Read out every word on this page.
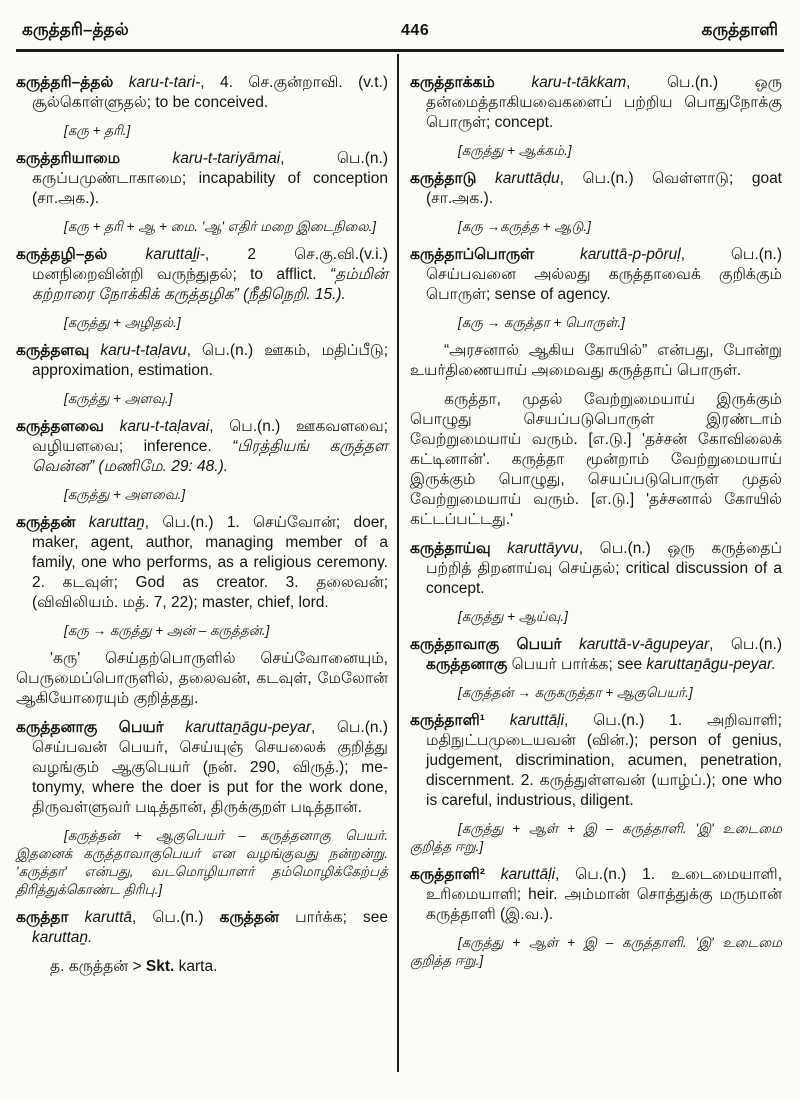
கருத்தரி–த்தல்	446	கருத்தாளி

கருத்தரி–த்தல் karu-t-tari-, 4. செ.குன்றாவி. (v.t.) சூல்கொள்ளுதல்; to be conceived.

[கரு + தரி.]

கருத்தரியாமை karu-t-tariyāmai, பெ.(n.) கருப்பமுண்டாகாமை; incapability of conception (சா.அக.).

[கரு + தரி + ஆ + மை. 'ஆ' எதிர் மறை இடைநிலை.]

கருத்தழி–தல் karuttaḻi-, 2 செ.கு.வி.(v.i.) மனநிறைவின்றி வருந்துதல்; to afflict. “தம்மின் கற்றாரை நோக்கிக் கருத்தழிக” (நீதிநெறி. 15.).

[கருத்து + அழிதல்.]

கருத்தளவு karu-t-taḷavu, பெ.(n.) ஊகம், மதிப்பீடு; approximation, estimation.

[கருத்து + அளவு.]

கருத்தளவை karu-t-taḷavai, பெ.(n.) ஊகவளவை; வழியளவை; inference. “பிரத்தியங் கருத்தள வென்ன” (மணிமே. 29: 48.).

[கருத்து + அளவை.]

கருத்தன் karuttaṉ, பெ.(n.) 1. செய்வோன்; doer, maker, agent, author, managing member of a family, one who performs, as a religious ceremony. 2. கடவுள்; God as creator. 3. தலைவன்; (விவிலியம். மத். 7, 22); master, chief, lord.

[கரு → கருத்து + அன் – கருத்தன்.]

'கரு' செய்தற்பொருளில் செய்வோனையும், பெருமைப்பொருளில், தலைவன், கடவுள், மேலோன் ஆகியோரையும் குறித்தது.

கருத்தனாகு பெயர் karuttaṉāgu-peyar, பெ.(n.) செய்பவன் பெயர், செய்யுஞ் செயலைக் குறித்து வழங்கும் ஆகுபெயர் (நன். 290, விருத்.); metonymy, where the doer is put for the work done, திருவள்ளுவர் படித்தான், திருக்குறள் படித்தான்.

[கருத்தன் + ஆகுபெயர் – கருத்தனாகு பெயர். இதனைக் கருத்தாவாகுபெயர் என வழங்குவது நன்றன்று. 'கருத்தா' என்பது, வடமொழியாளர் தம்மொழிக்கேற்பத் திரித்துக்கொண்ட திரிபு.]

கருத்தா karuttā, பெ.(n.) கருத்தன் பார்க்க; see karuttaṉ.

த. கருத்தன் > Skt. karta.

கருத்தாக்கம் karu-t-tākkam, பெ.(n.) ஒரு தன்மைத்தாகியவைகளைப் பற்றிய பொதுநோக்கு பொருள்; concept.

[கருத்து + ஆக்கம்.]

கருத்தாடு karuttāḍu, பெ.(n.) வெள்ளாடு; goat (சா.அக.).

[கரு →கருத்த + ஆடு.]

கருத்தாப்பொருள் karuttā-p-pōruḷ, பெ.(n.) செய்பவனை அல்லது கருத்தாவைக் குறிக்கும் பொருள்; sense of agency.

[கரு → கருத்தா + பொருள்.]

“அரசனால் ஆகிய கோயில்” என்பது, போன்று உயர்திணையாய் அமைவது கருத்தாப் பொருள்.

கருத்தா, முதல் வேற்றுமையாய் இருக்கும் பொழுது செயப்படுபொருள் இரண்டாம் வேற்றுமையாய் வரும். [எ.டு.] 'தச்சன் கோவிலைக் கட்டினான்'. கருத்தா மூன்றாம் வேற்றுமையாய் இருக்கும் பொழுது, செயப்படுபொருள் முதல் வேற்றுமையாய் வரும். [எ.டு.] 'தச்சனால் கோயில் கட்டப்பட்டது.'

கருத்தாய்வு karuttāyvu, பெ.(n.) ஒரு கருத்தைப் பற்றித் திறனாய்வு செய்தல்; critical discussion of a concept.

[கருத்து + ஆய்வு.]

கருத்தாவாகு பெயர் karuttā-v-āgupeyar, பெ.(n.) கருத்தனாகு பெயர் பார்க்க; see karuttaṉāgu-peyar.

[கருத்தன் → கருகருத்தா + ஆகுபெயர்.]

கருத்தாளி¹ karuttāḷi, பெ.(n.) 1. அறிவாளி; மதிநுட்பமுடையவன் (வின்.); person of genius, judgement, discrimination, acumen, penetration, discernment. 2. கருத்துள்ளவன் (யாழ்ப்.); one who is careful, industrious, diligent.

[கருத்து + ஆள் + இ – கருத்தாளி. 'இ' உடைமை குறித்த ஈறு.]

கருத்தாளி² karuttāḷi, பெ.(n.) 1. உடைமையாளி, உரிமையாளி; heir. அம்மான் சொத்துக்கு மருமான் கருத்தாளி (இ.வ.).

[கருத்து + ஆள் + இ – கருத்தாளி. 'இ' உடைமை குறித்த ஈறு.]
